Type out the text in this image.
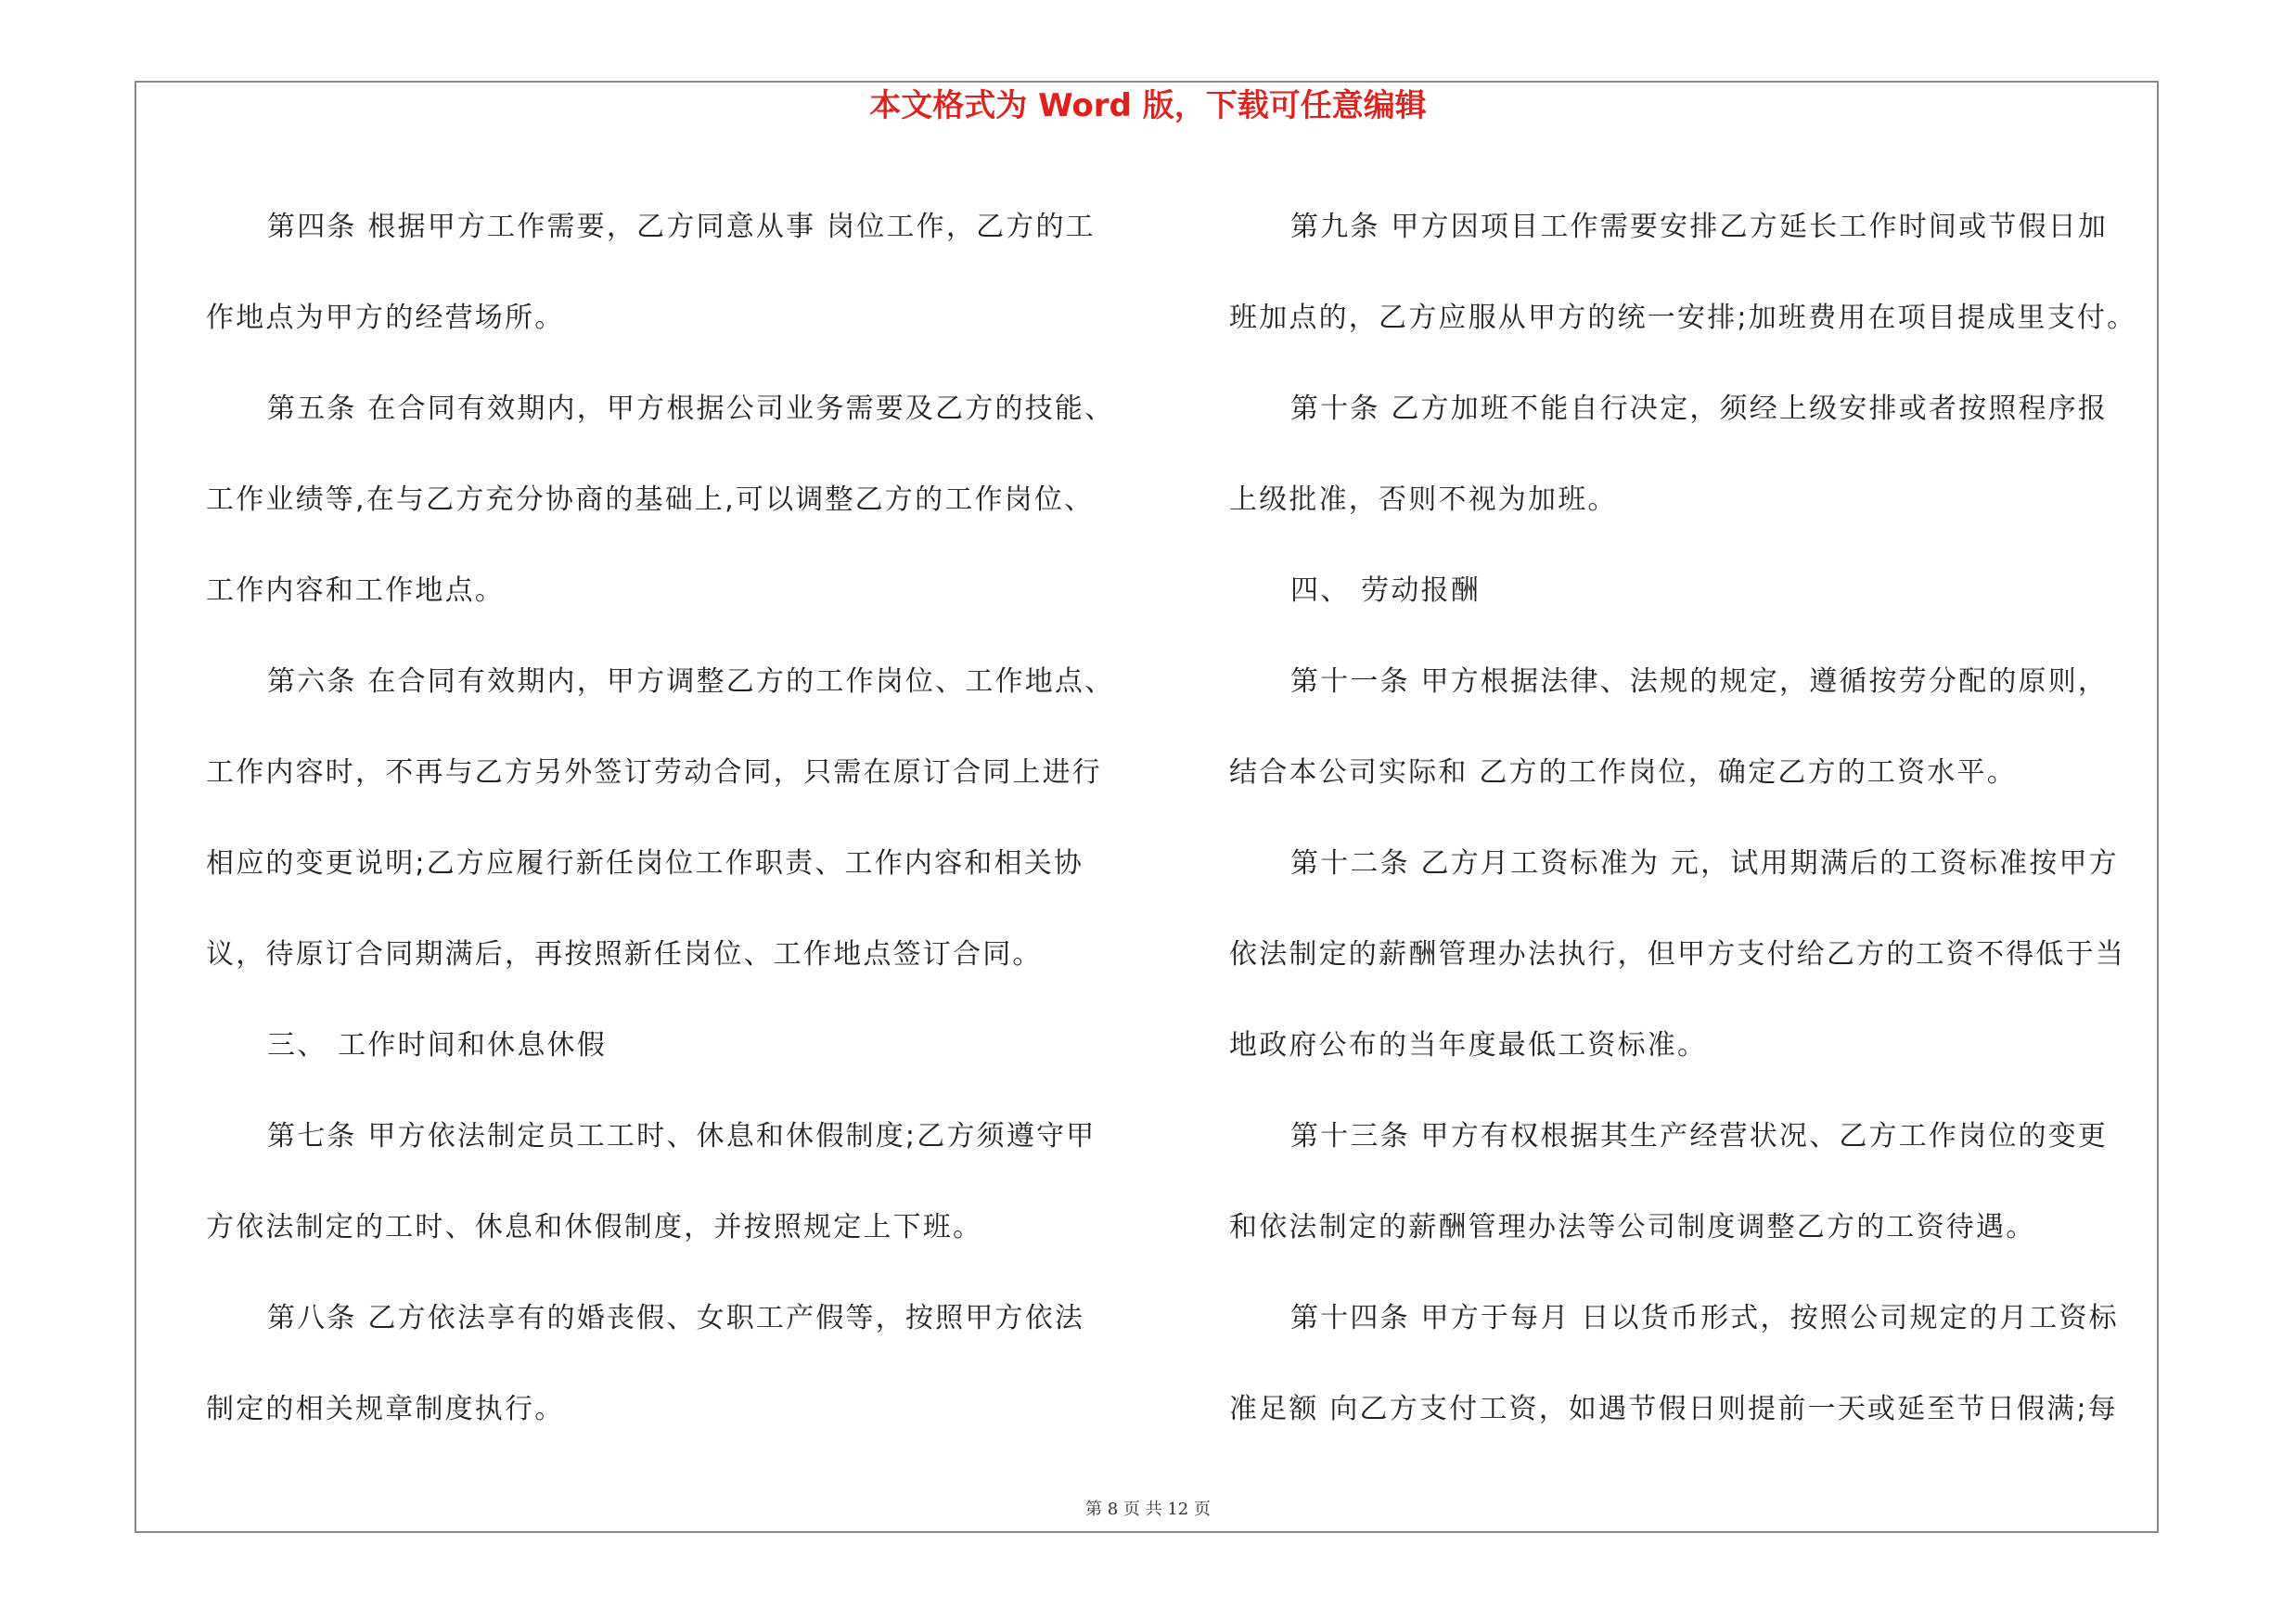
本文格式为 Word 版，下载可任意编辑

第四条 根据甲方工作需要，乙方同意从事 岗位工作，乙方的工

作地点为甲方的经营场所。

第五条 在合同有效期内，甲方根据公司业务需要及乙方的技能、

工作业绩等,在与乙方充分协商的基础上,可以调整乙方的工作岗位、

工作内容和工作地点。

第六条 在合同有效期内，甲方调整乙方的工作岗位、工作地点、

工作内容时，不再与乙方另外签订劳动合同，只需在原订合同上进行

相应的变更说明;乙方应履行新任岗位工作职责、工作内容和相关协

议，待原订合同期满后，再按照新任岗位、工作地点签订合同。

三、 工作时间和休息休假

第七条 甲方依法制定员工工时、休息和休假制度;乙方须遵守甲

方依法制定的工时、休息和休假制度，并按照规定上下班。

第八条 乙方依法享有的婚丧假、女职工产假等，按照甲方依法

制定的相关规章制度执行。

第九条 甲方因项目工作需要安排乙方延长工作时间或节假日加

班加点的，乙方应服从甲方的统一安排;加班费用在项目提成里支付。

第十条 乙方加班不能自行决定，须经上级安排或者按照程序报

上级批准，否则不视为加班。

四、 劳动报酬

第十一条 甲方根据法律、法规的规定，遵循按劳分配的原则，

结合本公司实际和 乙方的工作岗位，确定乙方的工资水平。

第十二条 乙方月工资标准为 元，试用期满后的工资标准按甲方

依法制定的薪酬管理办法执行，但甲方支付给乙方的工资不得低于当

地政府公布的当年度最低工资标准。

第十三条 甲方有权根据其生产经营状况、乙方工作岗位的变更

和依法制定的薪酬管理办法等公司制度调整乙方的工资待遇。

第十四条 甲方于每月 日以货币形式，按照公司规定的月工资标

准足额 向乙方支付工资，如遇节假日则提前一天或延至节日假满;每

第 8 页 共 12 页
